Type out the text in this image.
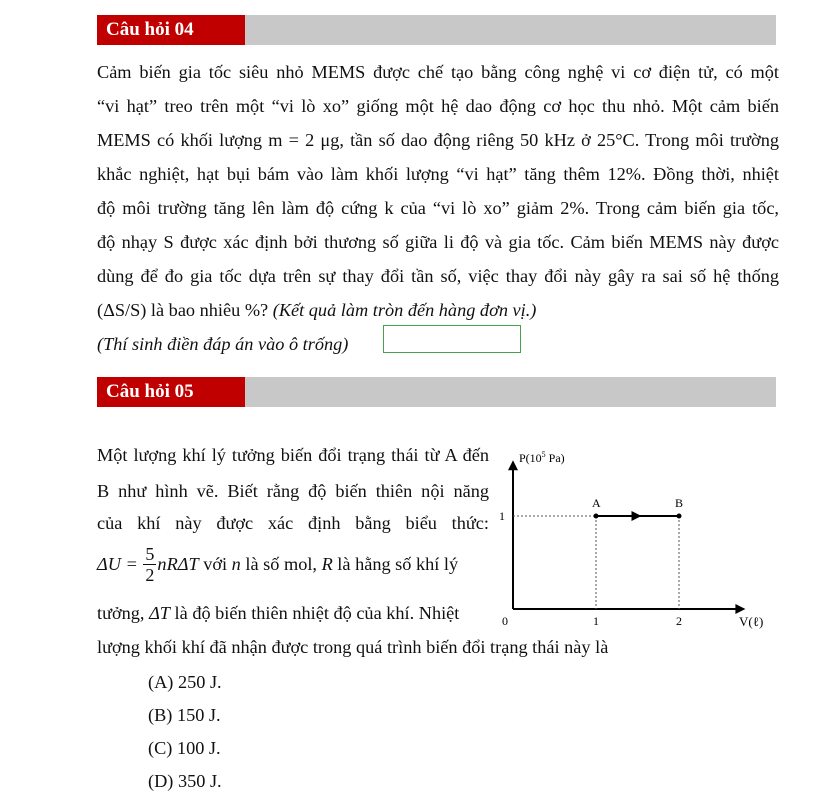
Câu hỏi 04
Cảm biến gia tốc siêu nhỏ MEMS được chế tạo bằng công nghệ vi cơ điện tử, có một
“vi hạt” treo trên một “vi lò xo” giống một hệ dao động cơ học thu nhỏ. Một cảm biến
MEMS có khối lượng m = 2 μg, tần số dao động riêng 50 kHz ở 25°C. Trong môi trường
khắc nghiệt, hạt bụi bám vào làm khối lượng “vi hạt” tăng thêm 12%. Đồng thời, nhiệt
độ môi trường tăng lên làm độ cứng k của “vi lò xo” giảm 2%. Trong cảm biến gia tốc,
độ nhạy S được xác định bởi thương số giữa li độ và gia tốc. Cảm biến MEMS này được
dùng để đo gia tốc dựa trên sự thay đổi tần số, việc thay đổi này gây ra sai số hệ thống
(ΔS/S) là bao nhiêu %? (Kết quả làm tròn đến hàng đơn vị.)
(Thí sinh điền đáp án vào ô trống)
Câu hỏi 05
Một lượng khí lý tưởng biến đổi trạng thái từ A đến
B như hình vẽ. Biết rằng độ biến thiên nội năng
của khí này được xác định bằng biểu thức:
$\Delta U = \frac{5}{2}$ nRΔT với n là số mol, R là hằng số khí lý
tưởng, ΔT là độ biến thiên nhiệt độ của khí. Nhiệt
lượng khối khí đã nhận được trong quá trình biến đổi trạng thái này là
(A) 250 J.
(B) 150 J.
(C) 100 J.
(D) 350 J.
A	B
1	2
1
$P(10^5$ Pa)
V(ℓ)
0
